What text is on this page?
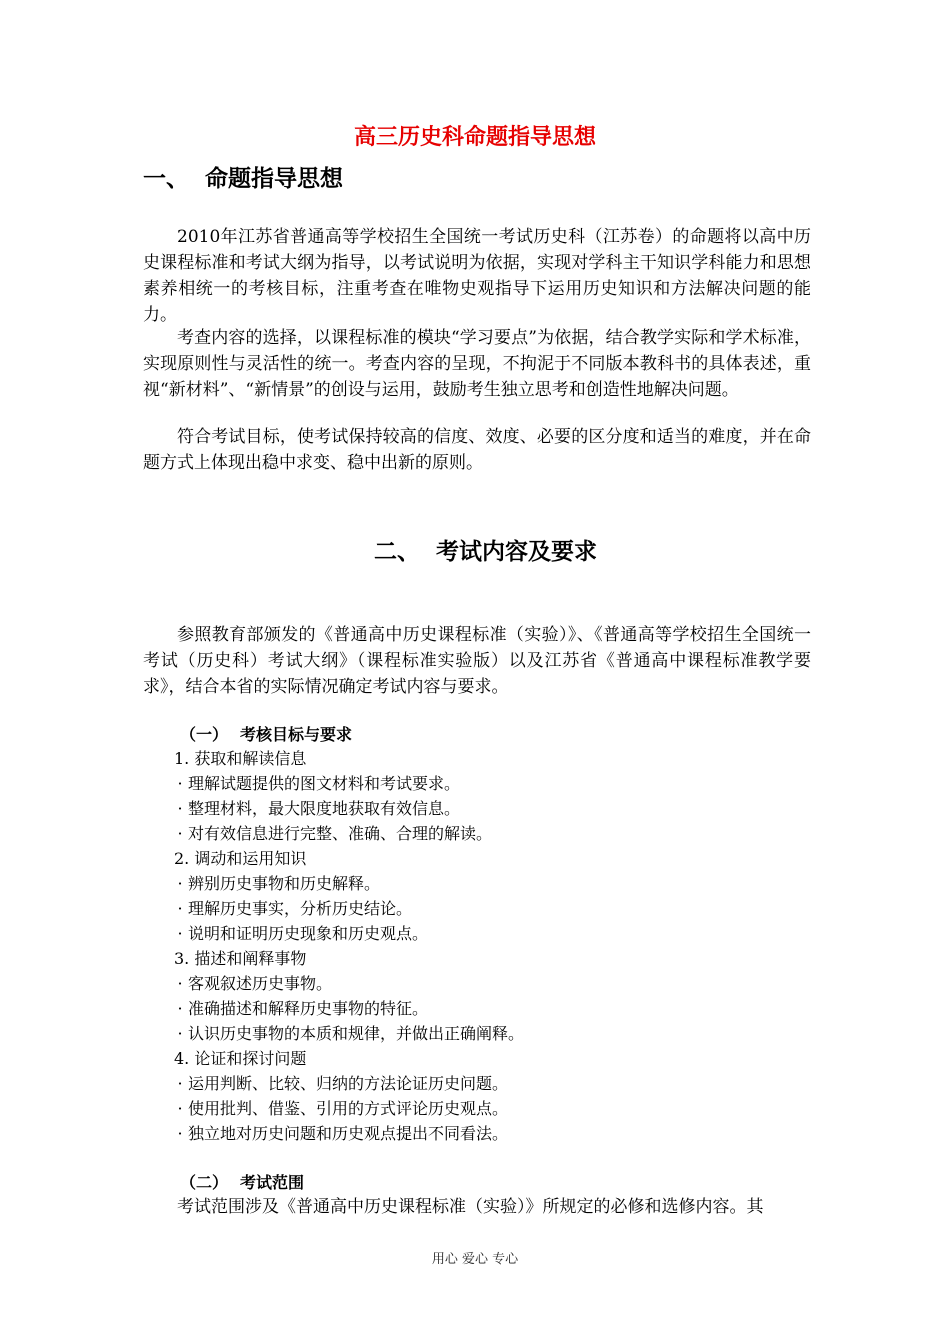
高三历史科命题指导思想
一、 命题指导思想

2010年江苏省普通高等学校招生全国统一考试历史科（江苏卷）的命题将以高中历史课程标准和考试大纲为指导，以考试说明为依据，实现对学科主干知识学科能力和思想素养相统一的考核目标，注重考查在唯物史观指导下运用历史知识和方法解决问题的能力。

考查内容的选择，以课程标准的模块“学习要点”为依据，结合教学实际和学术标准，实现原则性与灵活性的统一。考查内容的呈现，不拘泥于不同版本教科书的具体表述，重视“新材料”、“新情景”的创设与运用，鼓励考生独立思考和创造性地解决问题。

符合考试目标，使考试保持较高的信度、效度、必要的区分度和适当的难度，并在命题方式上体现出稳中求变、稳中出新的原则。

二、 考试内容及要求

参照教育部颁发的《普通高中历史课程标准（实验）》、《普通高等学校招生全国统一考试（历史科）考试大纲》（课程标准实验版）以及江苏省《普通高中课程标准教学要求》，结合本省的实际情况确定考试内容与要求。

（一） 考核目标与要求
1. 获取和解读信息
· 理解试题提供的图文材料和考试要求。
· 整理材料，最大限度地获取有效信息。
· 对有效信息进行完整、准确、合理的解读。
2. 调动和运用知识
· 辨别历史事物和历史解释。
· 理解历史事实，分析历史结论。
· 说明和证明历史现象和历史观点。
3. 描述和阐释事物
· 客观叙述历史事物。
· 准确描述和解释历史事物的特征。
· 认识历史事物的本质和规律，并做出正确阐释。
4. 论证和探讨问题
· 运用判断、比较、归纳的方法论证历史问题。
· 使用批判、借鉴、引用的方式评论历史观点。
· 独立地对历史问题和历史观点提出不同看法。
（二） 考试范围

考试范围涉及《普通高中历史课程标准（实验）》所规定的必修和选修内容。其

用心 爱心 专心
